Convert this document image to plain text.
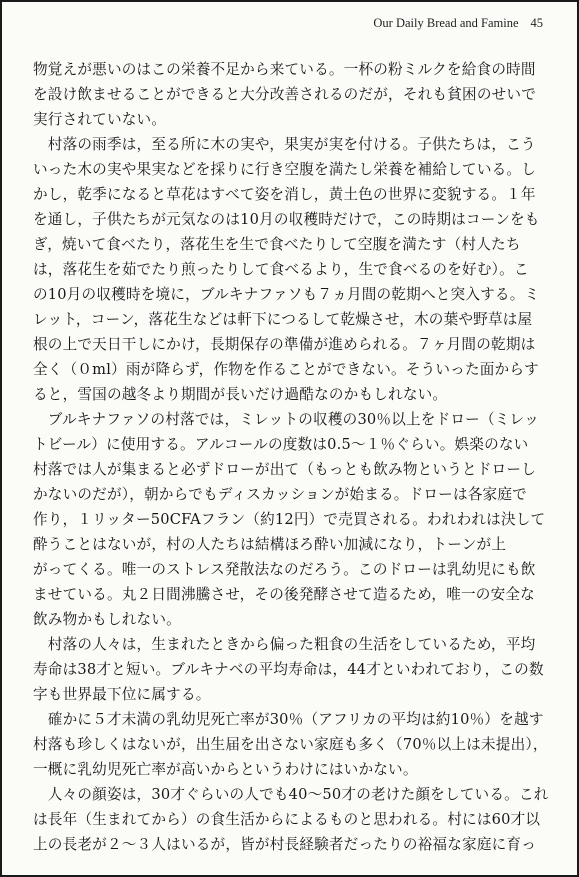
Our Daily Bread and Famine 45
物覚えが悪いのはこの栄養不足から来ている。一杯の粉ミルクを給食の時間
を設け飲ませることができると大分改善されるのだが，それも貧困のせいで
実行されていない。
　村落の雨季は，至る所に木の実や，果実が実を付ける。子供たちは，こう
いった木の実や果実などを採りに行き空腹を満たし栄養を補給している。し
かし，乾季になると草花はすべて姿を消し，黄土色の世界に変貌する。１年
を通し，子供たちが元気なのは10月の収穫時だけで，この時期はコーンをも
ぎ，焼いて食べたり，落花生を生で食べたりして空腹を満たす（村人たち
は，落花生を茹でたり煎ったりして食べるより，生で食べるのを好む）。こ
の10月の収穫時を境に，ブルキナファソも７ヵ月間の乾期へと突入する。ミ
レット，コーン，落花生などは軒下につるして乾燥させ，木の葉や野草は屋
根の上で天日干しにかけ，長期保存の準備が進められる。７ヶ月間の乾期は
全く（０ml）雨が降らず，作物を作ることができない。そういった面からす
ると，雪国の越冬より期間が長いだけ過酷なのかもしれない。
　ブルキナファソの村落では，ミレットの収穫の30％以上をドロー（ミレッ
トビール）に使用する。アルコールの度数は0.5～１％ぐらい。娯楽のない
村落では人が集まると必ずドローが出て（もっとも飲み物というとドローし
かないのだが），朝からでもディスカッションが始まる。ドローは各家庭で
作り，１リッター50CFAフラン（約12円）で売買される。われわれは決して
酔うことはないが，村の人たちは結構ほろ酔い加減になり，トーンが上
がってくる。唯一のストレス発散法なのだろう。このドローは乳幼児にも飲
ませている。丸２日間沸騰させ，その後発酵させて造るため，唯一の安全な
飲み物かもしれない。
　村落の人々は，生まれたときから偏った粗食の生活をしているため，平均
寿命は38才と短い。ブルキナベの平均寿命は，44才といわれており，この数
字も世界最下位に属する。
　確かに５才未満の乳幼児死亡率が30％（アフリカの平均は約10％）を越す
村落も珍しくはないが，出生届を出さない家庭も多く（70％以上は未提出），
一概に乳幼児死亡率が高いからというわけにはいかない。
　人々の顔姿は，30才ぐらいの人でも40～50才の老けた顔をしている。これ
は長年（生まれてから）の食生活からによるものと思われる。村には60才以
上の長老が２～３人はいるが，皆が村長経験者だったりの裕福な家庭に育っ
